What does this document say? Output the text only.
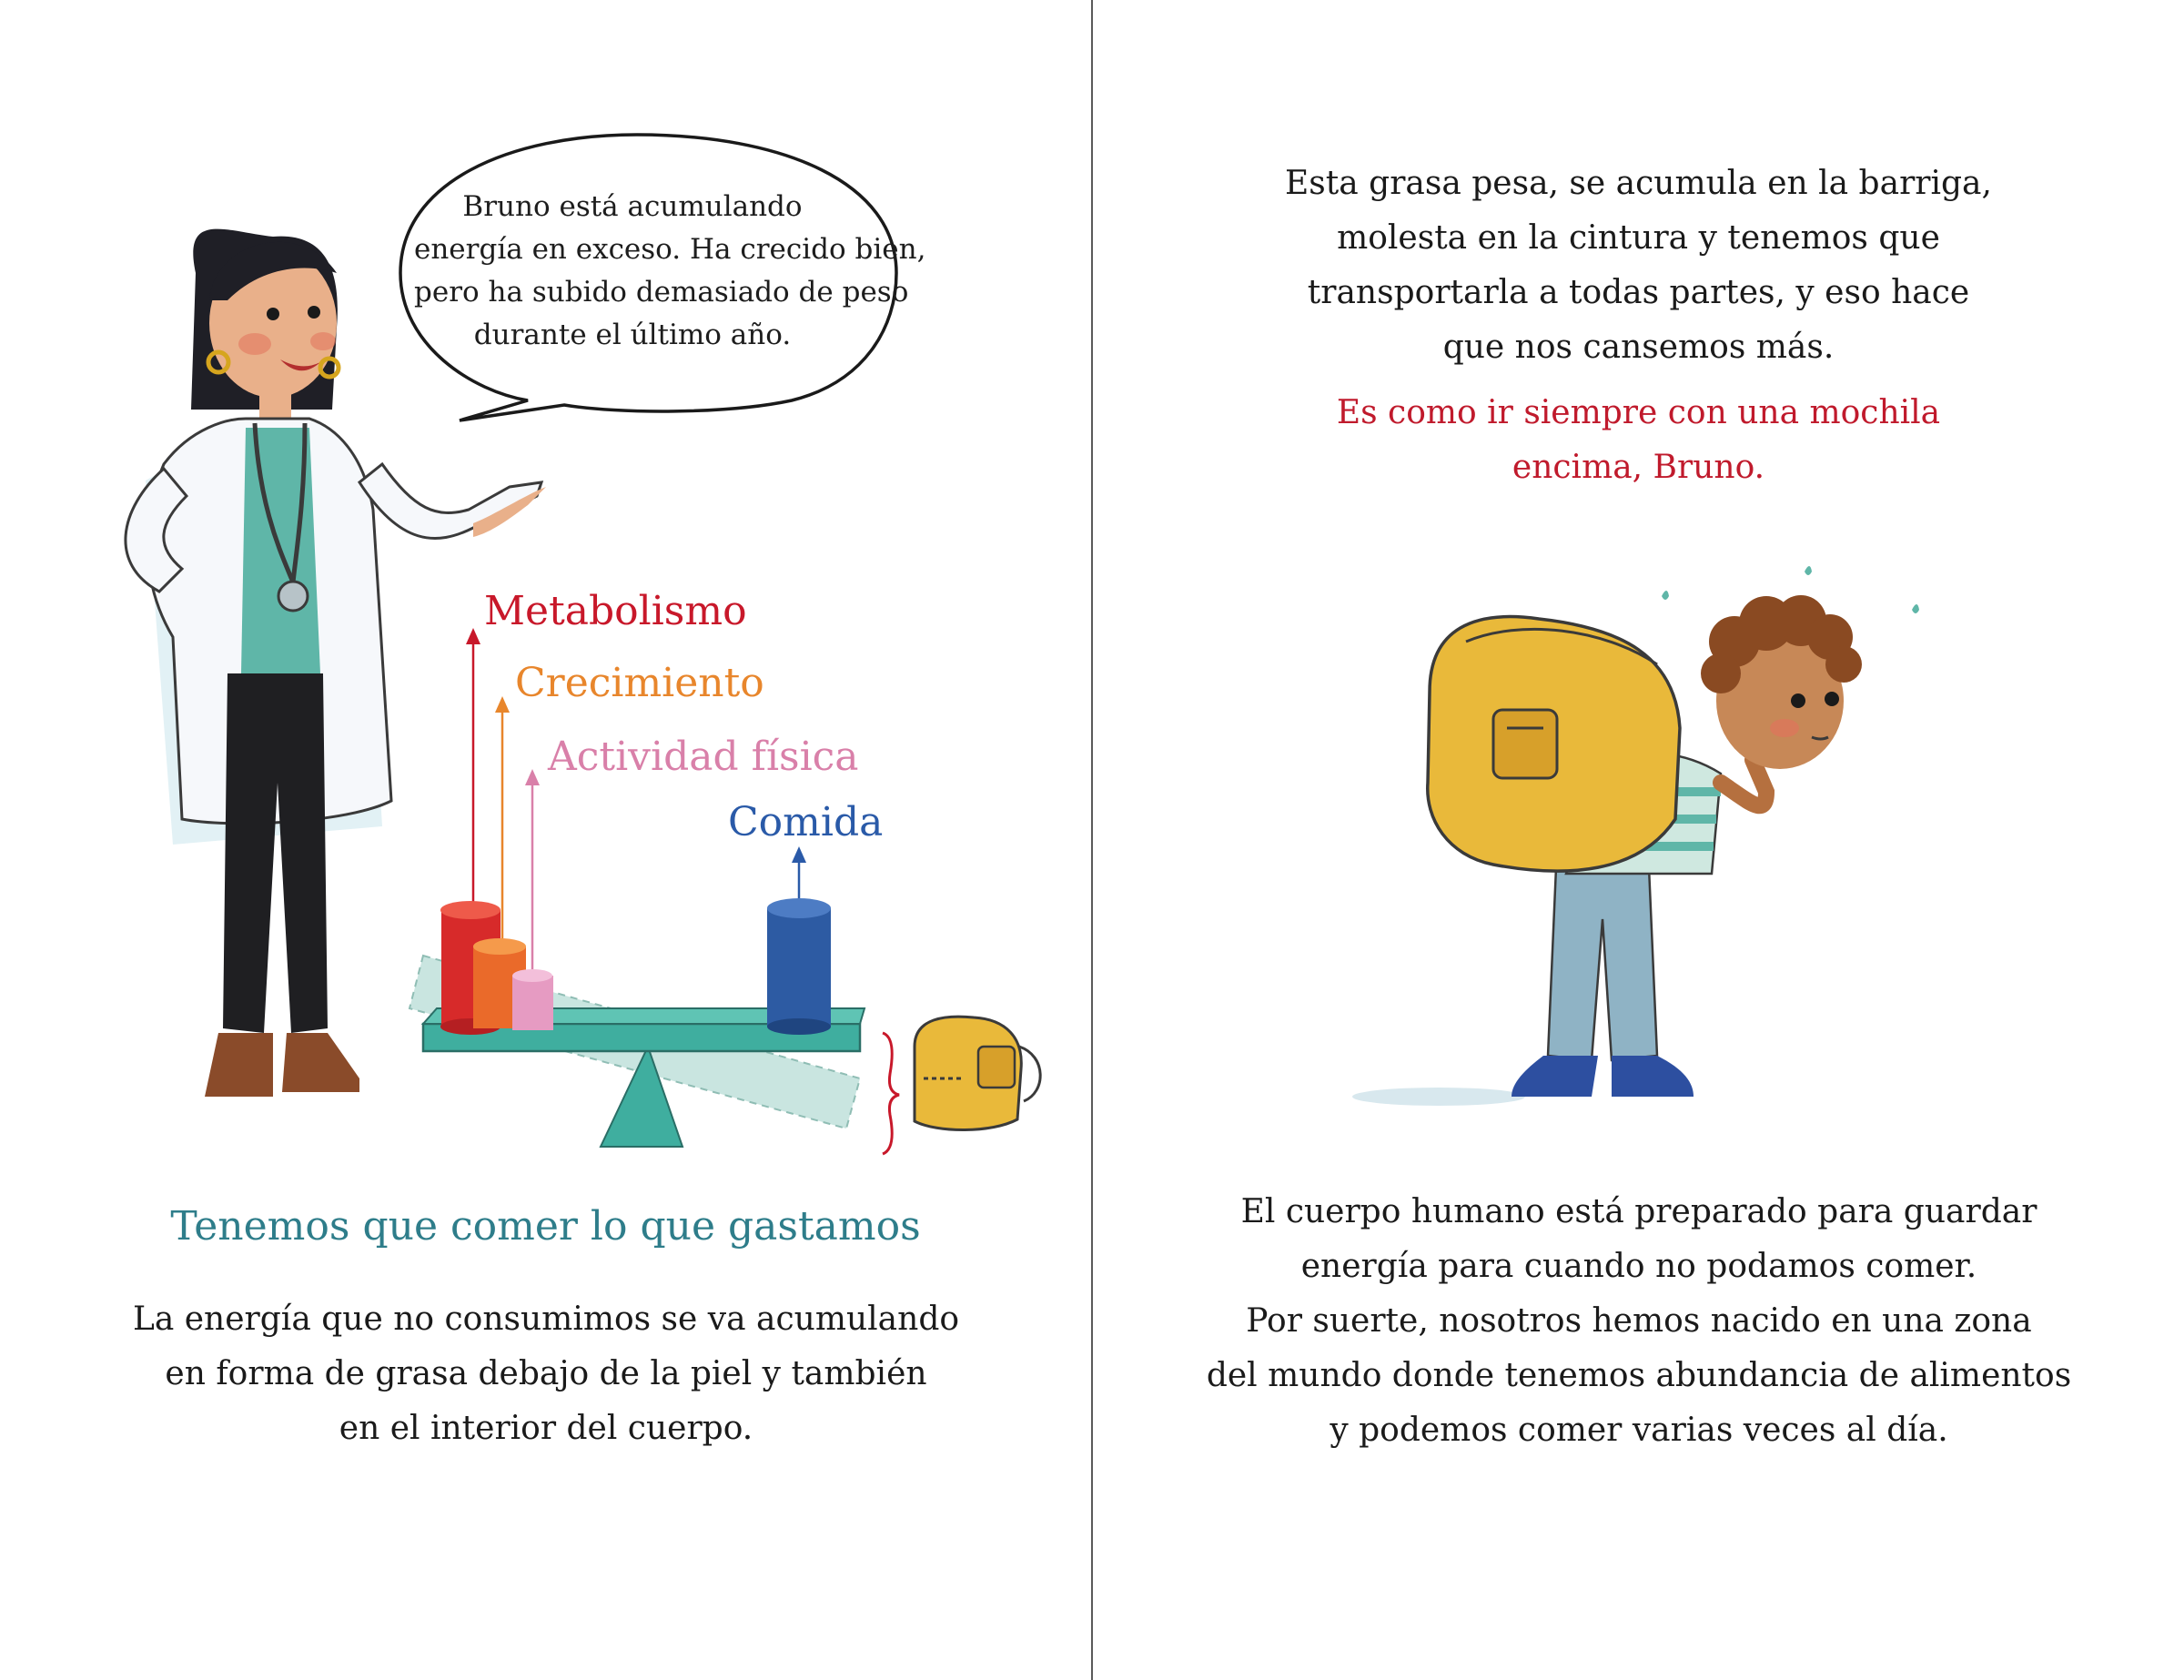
Bruno está acumulando
energía en exceso. Ha crecido bien,
pero ha subido demasiado de peso
durante el último año.
Metabolismo
Crecimiento
Actividad física
Comida
Tenemos que comer lo que gastamos
La energía que no consumimos se va acumulando
en forma de grasa debajo de la piel y también
en el interior del cuerpo.
Esta grasa pesa, se acumula en la barriga,
molesta en la cintura y tenemos que
transportarla a todas partes, y eso hace
que nos cansemos más.
Es como ir siempre con una mochila
encima, Bruno.
El cuerpo humano está preparado para guardar
energía para cuando no podamos comer.
Por suerte, nosotros hemos nacido en una zona
del mundo donde tenemos abundancia de alimentos
y podemos comer varias veces al día.
